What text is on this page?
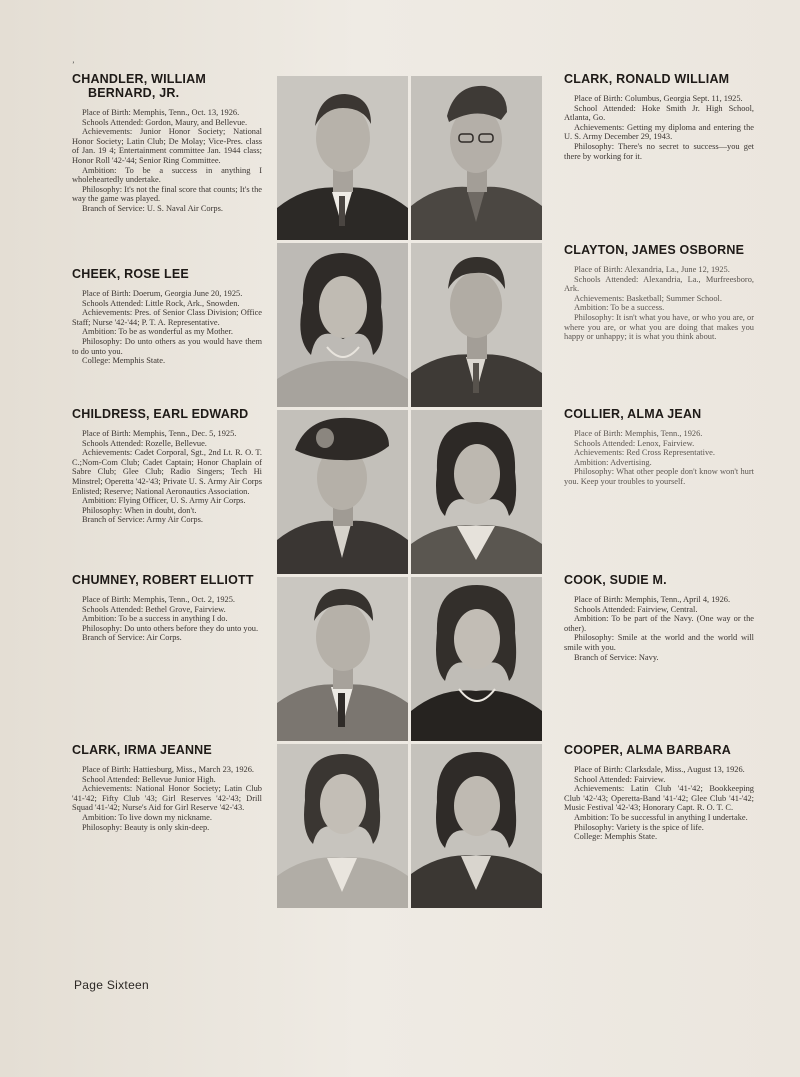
ʼ
CHANDLER, WILLIAM
BERNARD, JR.

Place of Birth: Memphis, Tenn., Oct. 13, 1926.

Schools Attended: Gordon, Maury, and Bellevue.

Achievements: Junior Honor Society; National Honor Society; Latin Club; De Molay; Vice-Pres. class of Jan. 19 4; Entertainment committee Jan. 1944 class; Honor Roll '42-'44; Senior Ring Committee.

Ambition: To be a success in anything I wholeheartedly undertake.

Philosophy: It's not the final score that counts; It's the way the game was played.

Branch of Service: U. S. Naval Air Corps.

CHEEK, ROSE LEE

Place of Birth: Doerum, Georgia June 20, 1925.

Schools Attended: Little Rock, Ark., Snowden.

Achievements: Pres. of Senior Class Division; Office Staff; Nurse '42-'44; P. T. A. Representative.

Ambition: To be as wonderful as my Mother.

Philosophy: Do unto others as you would have them to do unto you.

College: Memphis State.

CHILDRESS, EARL EDWARD

Place of Birth: Memphis, Tenn., Dec. 5, 1925.

Schools Attended: Rozelle, Bellevue.

Achievements: Cadet Corporal, Sgt., 2nd Lt. R. O. T. C.;Nom-Com Club; Cadet Captain; Honor Chaplain of Sabre Club; Glee Club; Radio Singers; Tech Hi Minstrel; Operetta '42-'43; Private U. S. Army Air Corps Enlisted; Reserve; National Aeronautics Association.

Ambition: Flying Officer, U. S. Army Air Corps.

Philosophy: When in doubt, don't.

Branch of Service: Army Air Corps.

CHUMNEY, ROBERT ELLIOTT

Place of Birth: Memphis, Tenn., Oct. 2, 1925.

Schools Attended: Bethel Grove, Fairview.

Ambition: To be a success in anything I do.

Philosophy: Do unto others before they do unto you.

Branch of Service: Air Corps.

CLARK, IRMA JEANNE

Place of Birth: Hattiesburg, Miss., March 23, 1926.

School Attended: Bellevue Junior High.

Achievements: National Honor Society; Latin Club '41-'42; Fifty Club '43; Girl Reserves '42-'43; Drill Squad '41-'42; Nurse's Aid for Girl Reserve '42-'43.

Ambition: To live down my nickname.

Philosophy: Beauty is only skin-deep.

CLARK, RONALD WILLIAM

Place of Birth: Columbus, Georgia Sept. 11, 1925.

School Attended: Hoke Smith Jr. High School, Atlanta, Go.

Achievements: Getting my diploma and entering the U. S. Army December 29, 1943.

Philosophy: There's no secret to success—you get there by working for it.

CLAYTON, JAMES OSBORNE

Place of Birth: Alexandria, La., June 12, 1925.

Schools Attended: Alexandria, La., Murfreesboro, Ark.

Achievements: Basketball; Summer School.

Ambition: To be a success.

Philosophy: It isn't what you have, or who you are, or where you are, or what you are doing that makes you happy or unhappy; it is what you think about.

COLLIER, ALMA JEAN

Place of Birth: Memphis, Tenn., 1926.

Schools Attended: Lenox, Fairview.

Achievements: Red Cross Representative.

Ambition: Advertising.

Philosophy: What other people don't know won't hurt you. Keep your troubles to yourself.

COOK, SUDIE M.

Place of Birth: Memphis, Tenn., April 4, 1926.

Schools Attended: Fairview, Central.

Ambition: To be part of the Navy. (One way or the other).

Philosophy: Smile at the world and the world will smile with you.

Branch of Service: Navy.

COOPER, ALMA BARBARA

Place of Birth: Clarksdale, Miss., August 13, 1926.

School Attended: Fairview.

Achievements: Latin Club '41-'42; Bookkeeping Club '42-'43; Operetta-Band '41-'42; Glee Club '41-'42; Music Festival '42-'43; Honorary Capt. R. O. T. C.

Ambition: To be successful in anything I undertake.

Philosophy: Variety is the spice of life.

College: Memphis State.

Page Sixteen
